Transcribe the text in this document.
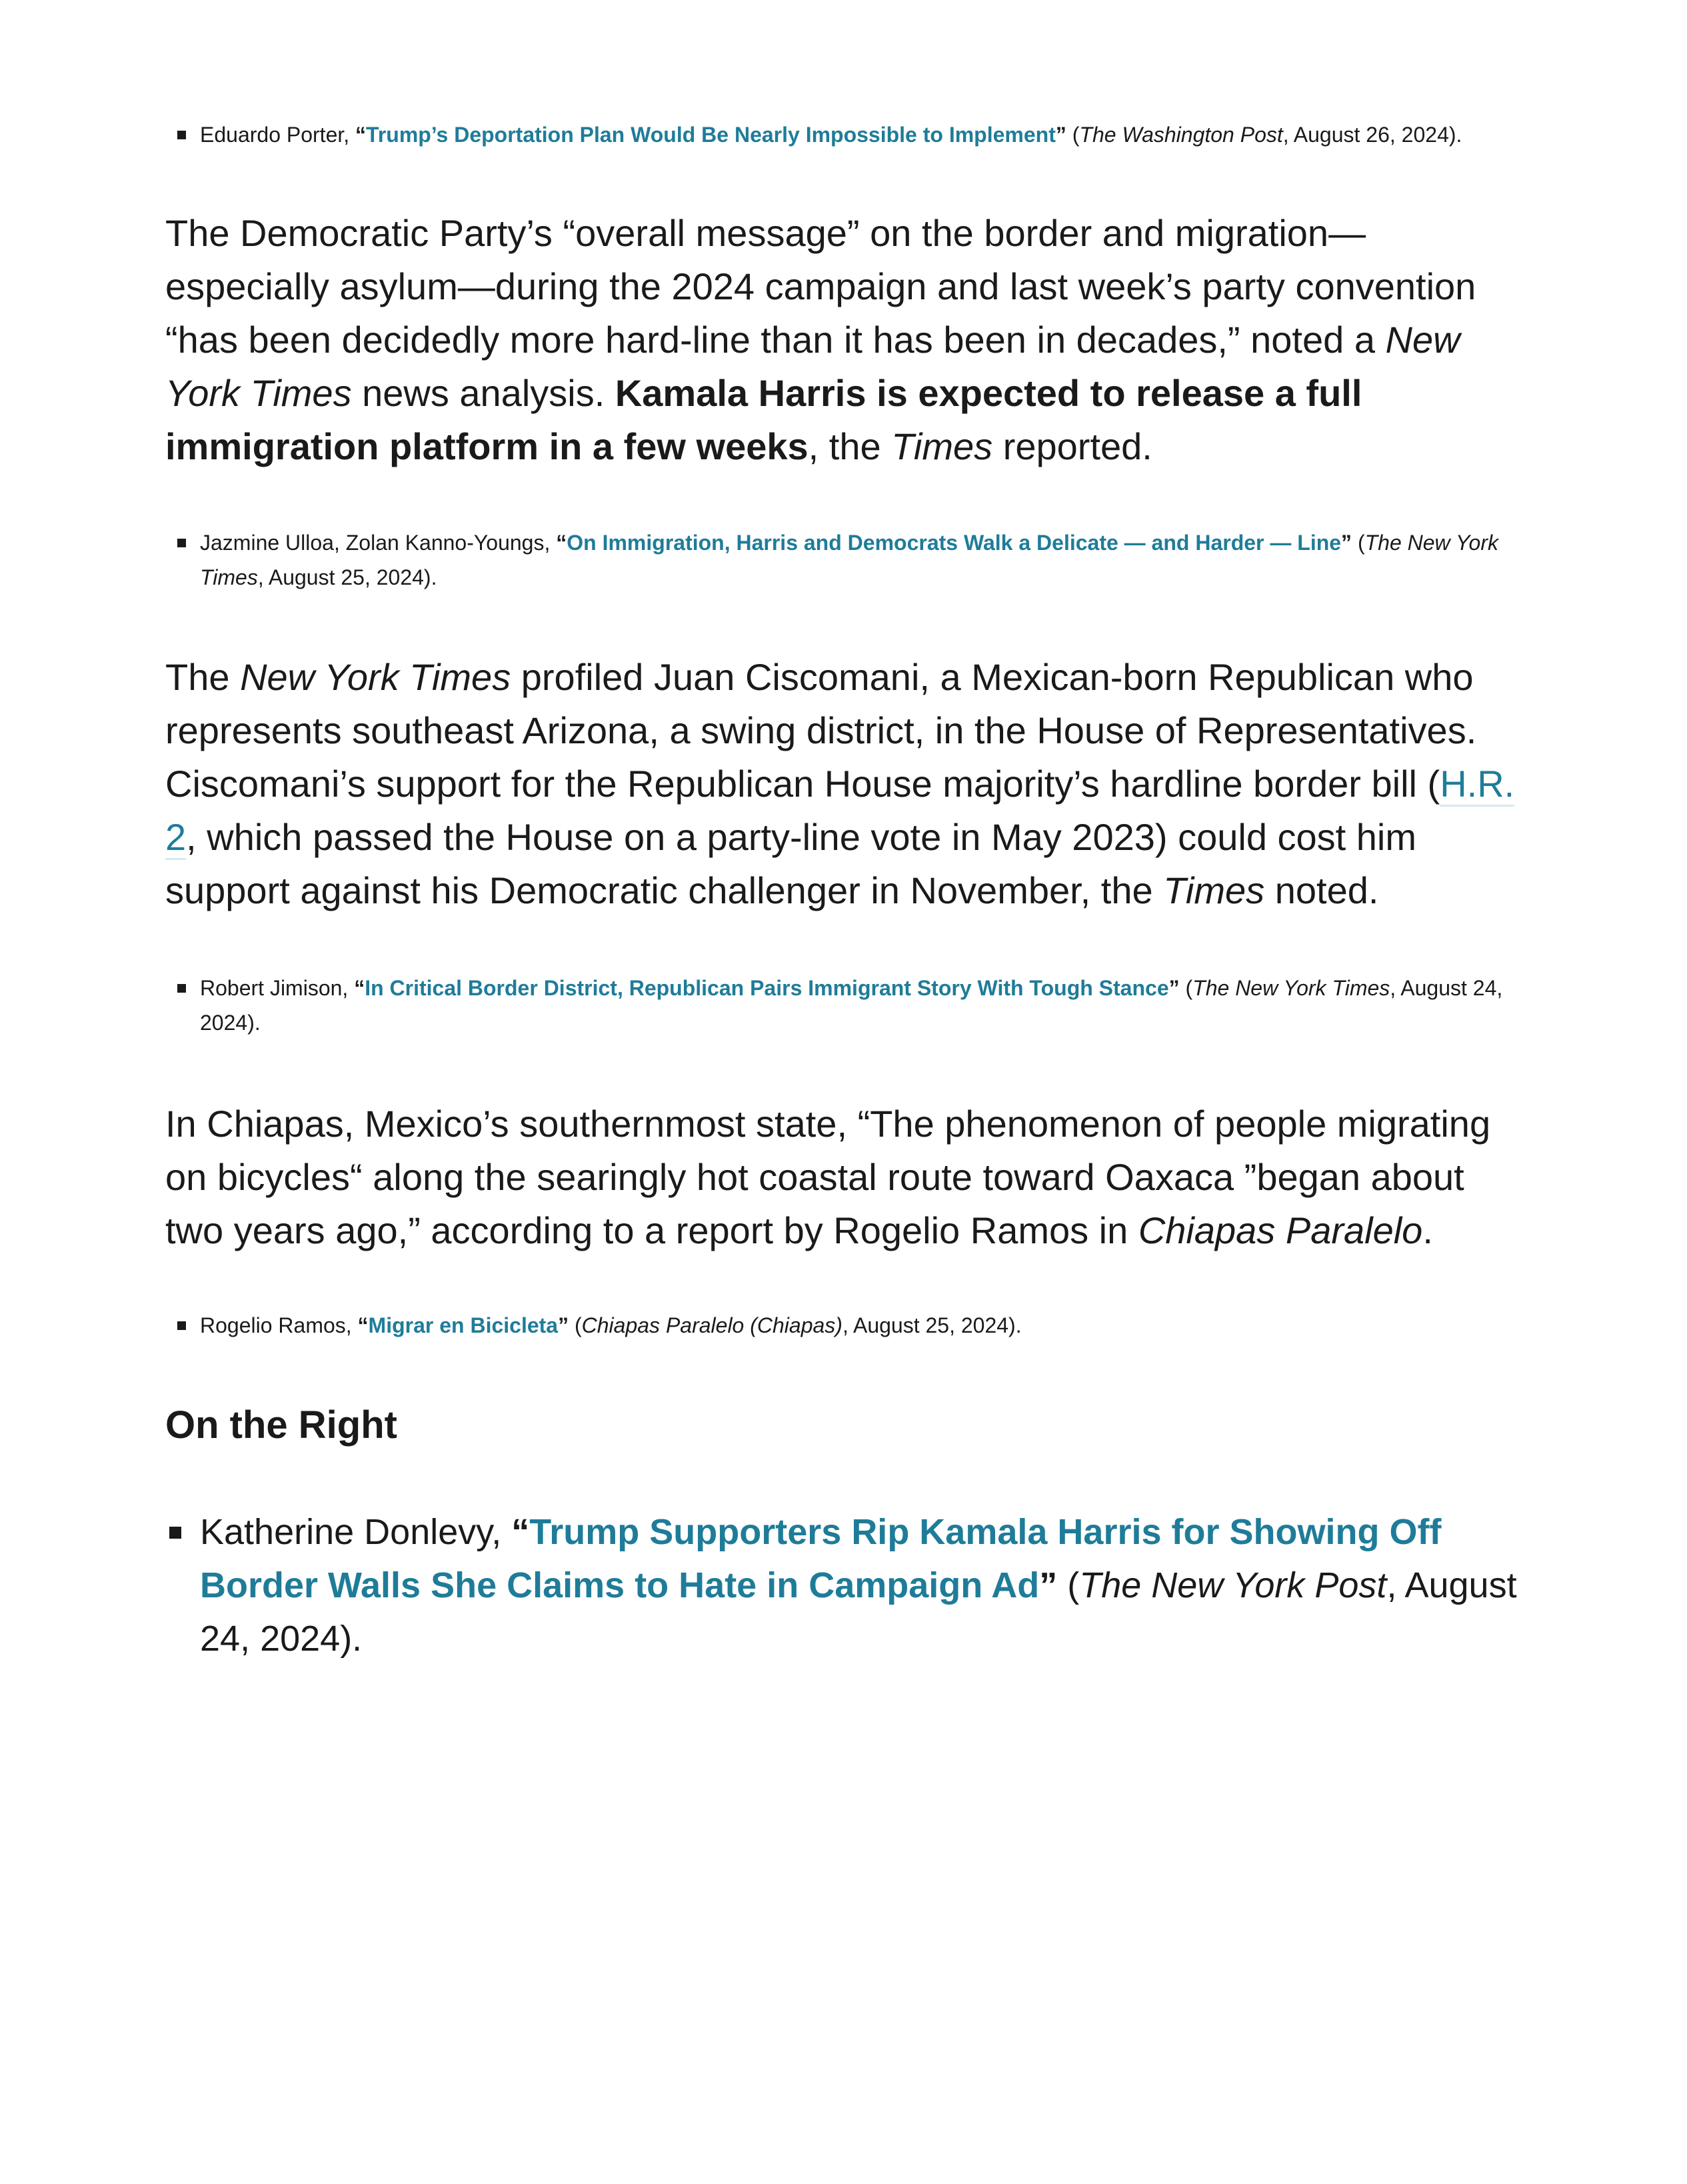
Eduardo Porter, “Trump’s Deportation Plan Would Be Nearly Impossible to Implement” (The Washington Post, August 26, 2024).

The Democratic Party’s “overall message” on the border and migration—especially asylum—during the 2024 campaign and last week’s party convention “has been decidedly more hard-line than it has been in decades,” noted a New York Times news analysis. Kamala Harris is expected to release a full immigration platform in a few weeks, the Times reported.

Jazmine Ulloa, Zolan Kanno-Youngs, “On Immigration, Harris and Democrats Walk a Delicate — and Harder — Line” (The New York Times, August 25, 2024).

The New York Times profiled Juan Ciscomani, a Mexican-born Republican who represents southeast Arizona, a swing district, in the House of Representatives. Ciscomani’s support for the Republican House majority’s hardline border bill (H.R. 2, which passed the House on a party-line vote in May 2023) could cost him support against his Democratic challenger in November, the Times noted.

Robert Jimison, “In Critical Border District, Republican Pairs Immigrant Story With Tough Stance” (The New York Times, August 24, 2024).

In Chiapas, Mexico’s southernmost state, “The phenomenon of people migrating on bicycles“ along the searingly hot coastal route toward Oaxaca ”began about two years ago,” according to a report by Rogelio Ramos in Chiapas Paralelo.

Rogelio Ramos, “Migrar en Bicicleta” (Chiapas Paralelo (Chiapas), August 25, 2024).
On the Right
Katherine Donlevy, “Trump Supporters Rip Kamala Harris for Showing Off Border Walls She Claims to Hate in Campaign Ad” (The New York Post, August 24, 2024).
